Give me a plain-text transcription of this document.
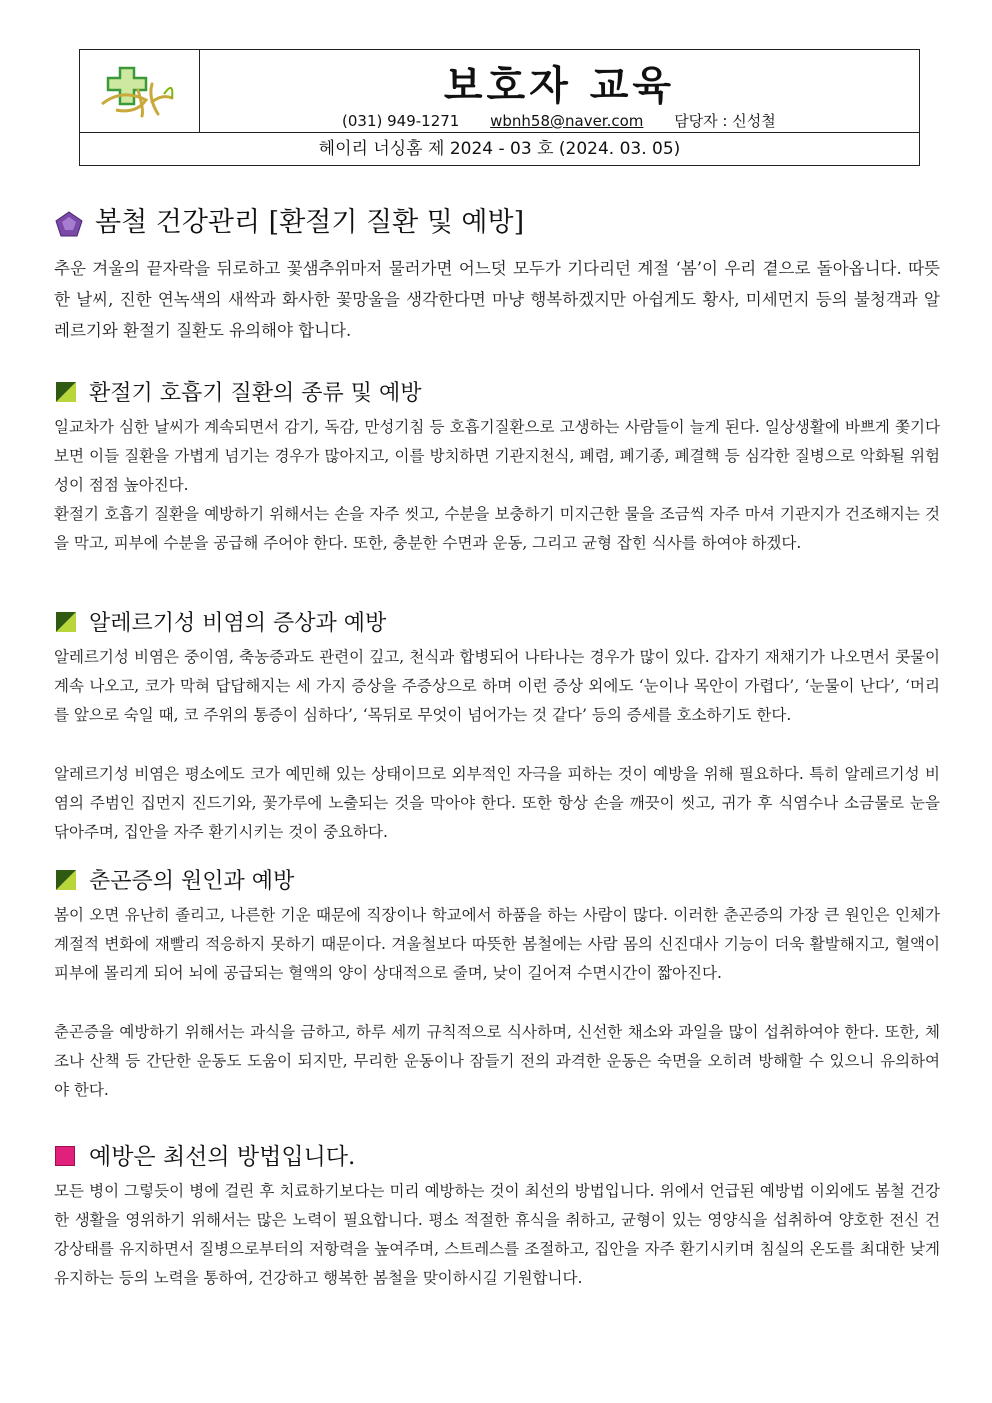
보호자 교육
(031) 949-1271 wbnh58@naver.com 담당자 : 신성철
헤이리 너싱홈 제 2024 - 03 호 (2024. 03. 05)
봄철 건강관리 [환절기 질환 및 예방]
추운 겨울의 끝자락을 뒤로하고 꽃샘추위마저 물러가면 어느덧 모두가 기다리던 계절 ‘봄’이 우리 곁으로 돌아옵니다. 따뜻한 날씨, 진한 연녹색의 새싹과 화사한 꽃망울을 생각한다면 마냥 행복하겠지만 아쉽게도 황사, 미세먼지 등의 불청객과 알레르기와 환절기 질환도 유의해야 합니다.
환절기 호흡기 질환의 종류 및 예방
일교차가 심한 날씨가 계속되면서 감기, 독감, 만성기침 등 호흡기질환으로 고생하는 사람들이 늘게 된다. 일상생활에 바쁘게 쫓기다 보면 이들 질환을 가볍게 넘기는 경우가 많아지고, 이를 방치하면 기관지천식, 폐렴, 폐기종, 폐결핵 등 심각한 질병으로 악화될 위험성이 점점 높아진다.
환절기 호흡기 질환을 예방하기 위해서는 손을 자주 씻고, 수분을 보충하기 미지근한 물을 조금씩 자주 마셔 기관지가 건조해지는 것을 막고, 피부에 수분을 공급해 주어야 한다. 또한, 충분한 수면과 운동, 그리고 균형 잡힌 식사를 하여야 하겠다.
알레르기성 비염의 증상과 예방
알레르기성 비염은 중이염, 축농증과도 관련이 깊고, 천식과 합병되어 나타나는 경우가 많이 있다. 갑자기 재채기가 나오면서 콧물이 계속 나오고, 코가 막혀 답답해지는 세 가지 증상을 주증상으로 하며 이런 증상 외에도 ‘눈이나 목안이 가렵다’, ‘눈물이 난다’, ‘머리를 앞으로 숙일 때, 코 주위의 통증이 심하다’, ‘목뒤로 무엇이 넘어가는 것 같다’ 등의 증세를 호소하기도 한다.
알레르기성 비염은 평소에도 코가 예민해 있는 상태이므로 외부적인 자극을 피하는 것이 예방을 위해 필요하다. 특히 알레르기성 비염의 주범인 집먼지 진드기와, 꽃가루에 노출되는 것을 막아야 한다. 또한 항상 손을 깨끗이 씻고, 귀가 후 식염수나 소금물로 눈을 닦아주며, 집안을 자주 환기시키는 것이 중요하다.
춘곤증의 원인과 예방
봄이 오면 유난히 졸리고, 나른한 기운 때문에 직장이나 학교에서 하품을 하는 사람이 많다. 이러한 춘곤증의 가장 큰 원인은 인체가 계절적 변화에 재빨리 적응하지 못하기 때문이다. 겨울철보다 따뜻한 봄철에는 사람 몸의 신진대사 기능이 더욱 활발해지고, 혈액이 피부에 몰리게 되어 뇌에 공급되는 혈액의 양이 상대적으로 줄며, 낮이 길어져 수면시간이 짧아진다.
춘곤증을 예방하기 위해서는 과식을 금하고, 하루 세끼 규칙적으로 식사하며, 신선한 채소와 과일을 많이 섭취하여야 한다. 또한, 체조나 산책 등 간단한 운동도 도움이 되지만, 무리한 운동이나 잠들기 전의 과격한 운동은 숙면을 오히려 방해할 수 있으니 유의하여야 한다.
예방은 최선의 방법입니다.
모든 병이 그렇듯이 병에 걸린 후 치료하기보다는 미리 예방하는 것이 최선의 방법입니다. 위에서 언급된 예방법 이외에도 봄철 건강한 생활을 영위하기 위해서는 많은 노력이 필요합니다. 평소 적절한 휴식을 취하고, 균형이 있는 영양식을 섭취하여 양호한 전신 건강상태를 유지하면서 질병으로부터의 저항력을 높여주며, 스트레스를 조절하고, 집안을 자주 환기시키며 침실의 온도를 최대한 낮게 유지하는 등의 노력을 통하여, 건강하고 행복한 봄철을 맞이하시길 기원합니다.
